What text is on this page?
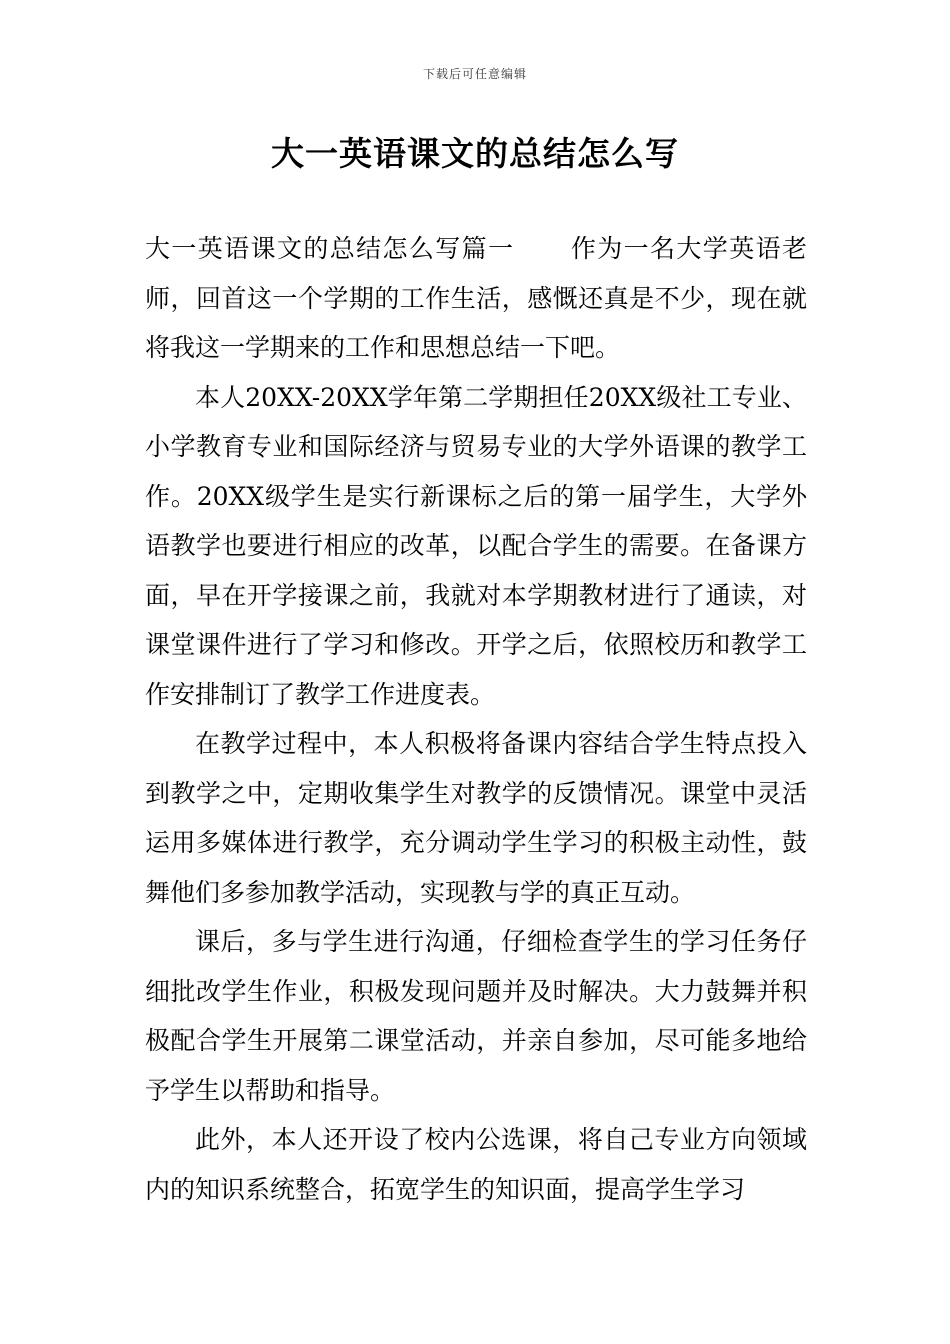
下载后可任意编辑
大一英语课文的总结怎么写

大一英语课文的总结怎么写篇一 作为一名大学英语老师，回首这一个学期的工作生活，感慨还真是不少，现在就将我这一学期来的工作和思想总结一下吧。

本人20XX-20XX学年第二学期担任20XX级社工专业、小学教育专业和国际经济与贸易专业的大学外语课的教学工作。20XX级学生是实行新课标之后的第一届学生，大学外语教学也要进行相应的改革，以配合学生的需要。在备课方面，早在开学接课之前，我就对本学期教材进行了通读，对课堂课件进行了学习和修改。开学之后，依照校历和教学工作安排制订了教学工作进度表。

在教学过程中，本人积极将备课内容结合学生特点投入到教学之中，定期收集学生对教学的反馈情况。课堂中灵活运用多媒体进行教学，充分调动学生学习的积极主动性，鼓舞他们多参加教学活动，实现教与学的真正互动。

课后，多与学生进行沟通，仔细检查学生的学习任务仔细批改学生作业，积极发现问题并及时解决。大力鼓舞并积极配合学生开展第二课堂活动，并亲自参加，尽可能多地给予学生以帮助和指导。

此外，本人还开设了校内公选课，将自己专业方向领域内的知识系统整合，拓宽学生的知识面，提高学生学习
